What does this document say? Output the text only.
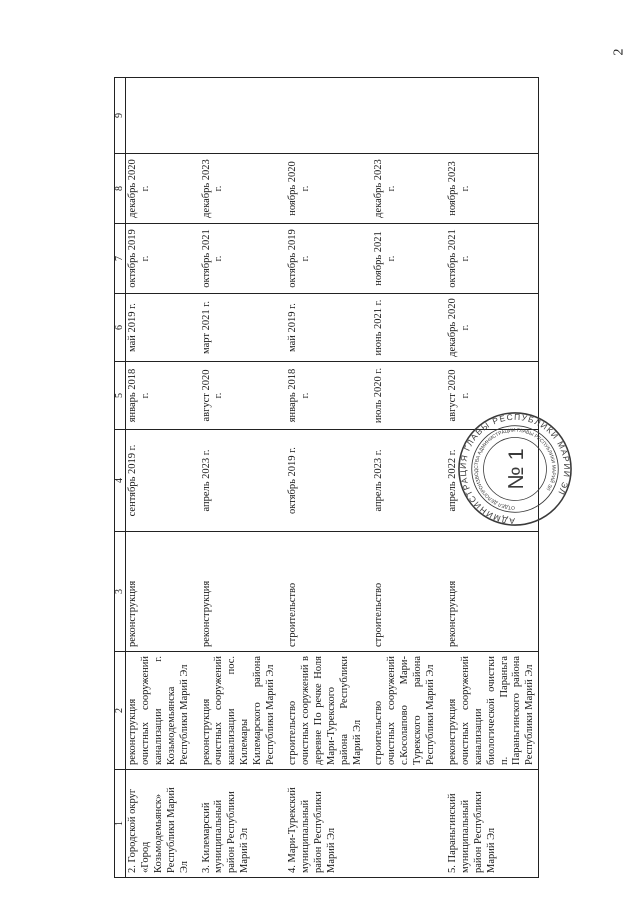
2
1	2	3	4	5	6	7	8	9
2. Городской округ «Город Козьмодемьянск» Республики Марий Эл	реконструкция очистных сооружений канализации г. Козьмодемьянска Республики Марий Эл	реконструкция	сентябрь 2019 г.	январь 2018 г.	май 2019 г.	октябрь 2019 г.	декабрь 2020 г.	
3. Килемарский муниципальный район Республики Марий Эл	реконструкция очистных сооружений канализации пос. Килемары Килемарского района Республики Марий Эл	реконструкция	апрель 2023 г.	август 2020 г.	март 2021 г.	октябрь 2021 г.	декабрь 2023 г.	
4. Мари-Турекский муниципальный район Республики Марий Эл	строительство очистных сооружений в деревне По речке Ноля Мари-Турекского района Республики Марий Эл	строительство	октябрь 2019 г.	январь 2018 г.	май 2019 г.	октябрь 2019 г.	ноябрь 2020 г.	
	строительство очистных сооружений с.Косолапово Мари-Турекского района Республики Марий Эл	строительство	апрель 2023 г.	июль 2020 г.	июнь 2021 г.	ноябрь 2021 г.	декабрь 2023 г.	
5. Параньгинский муниципальный район Республики Марий Эл	реконструкция очистных сооружений канализации биологической очистки п. Параньга Параньгинского района Республики Марий Эл	реконструкция	апрель 2022 г.	август 2020 г.	декабрь 2020 г.	октябрь 2021 г.	ноябрь 2023 г.	
АДМИНИСТРАЦИЯ ГЛАВЫ РЕСПУБЛИКИ МАРИЙ ЭЛ
ОТДЕЛ ДЕЛОПРОИЗВОДСТВА АДМИНИСТРАЦИИ ГЛАВЫ РЕСПУБЛИКИ МАРИЙ ЭЛ
№ 1
